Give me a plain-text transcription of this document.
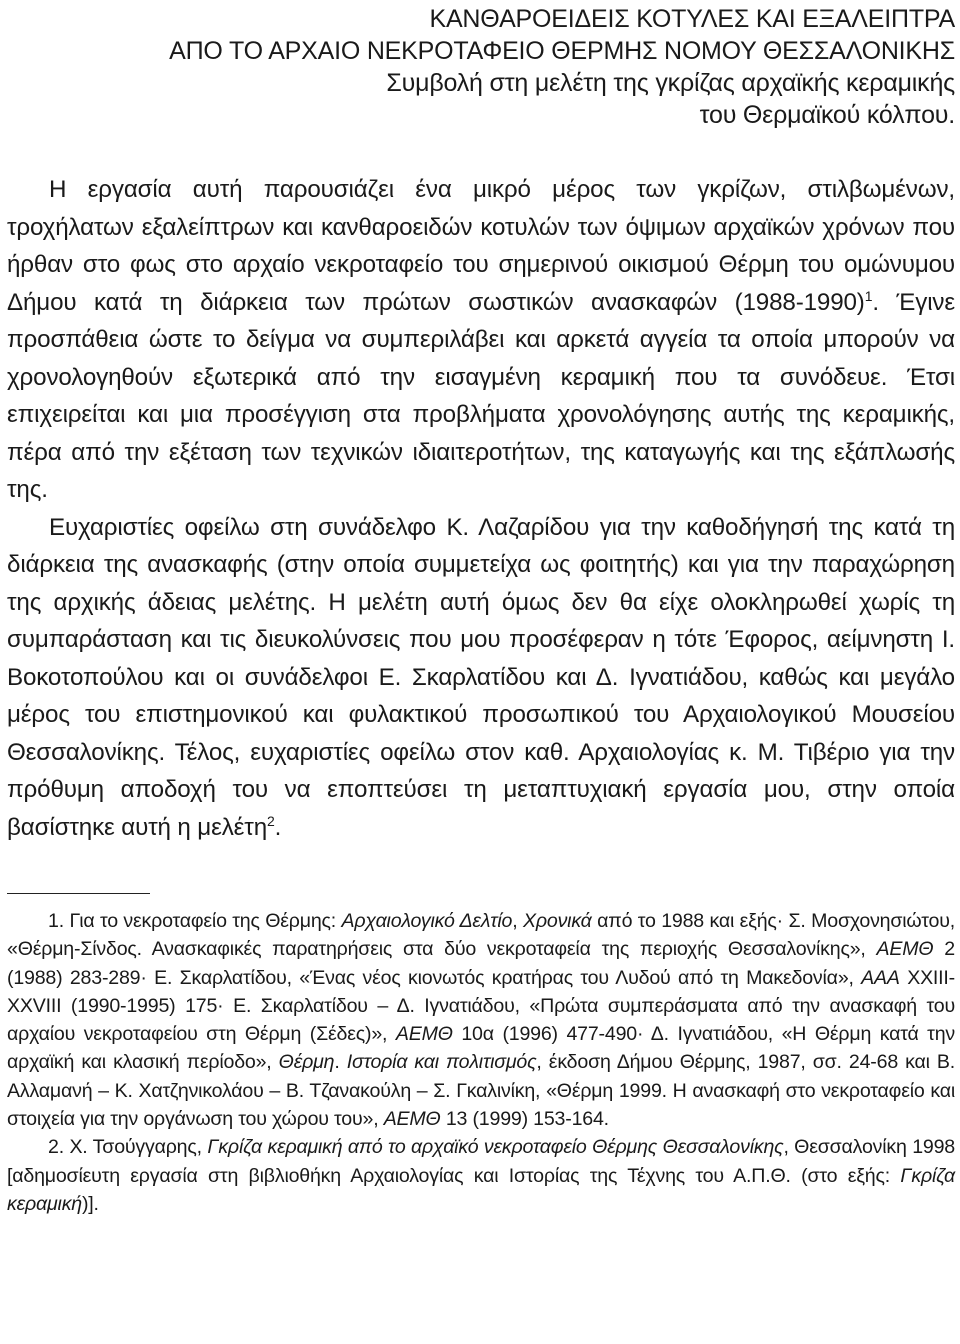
ΚΑΝΘΑΡΟΕΙΔΕΙΣ ΚΟΤΥΛΕΣ ΚΑΙ ΕΞΑΛΕΙΠΤΡΑ
ΑΠΟ ΤΟ ΑΡΧΑΙΟ ΝΕΚΡΟΤΑΦΕΙΟ ΘΕΡΜΗΣ ΝΟΜΟΥ ΘΕΣΣΑΛΟΝΙΚΗΣ
Συμβολή στη μελέτη της γκρίζας αρχαϊκής κεραμικής
του Θερμαϊκού κόλπου.

Η εργασία αυτή παρουσιάζει ένα μικρό μέρος των γκρίζων, στιλβωμένων, τροχήλατων εξαλείπτρων και κανθαροειδών κοτυλών των όψιμων αρχαϊκών χρόνων που ήρθαν στο φως στο αρχαίο νεκροταφείο του σημερινού οικισμού Θέρμη του ομώνυμου Δήμου κατά τη διάρκεια των πρώτων σωστικών ανασκαφών (1988-1990)$^1$. Έγινε προσπάθεια ώστε το δείγμα να συμπεριλάβει και αρκετά αγγεία τα οποία μπορούν να χρονολογηθούν εξωτερικά από την εισαγμένη κεραμική που τα συνόδευε. Έτσι επιχειρείται και μια προσέγγιση στα προβλήματα χρονολόγησης αυτής της κεραμικής, πέρα από την εξέταση των τεχνικών ιδιαιτεροτήτων, της καταγωγής και της εξάπλωσής της.

Ευχαριστίες οφείλω στη συνάδελφο Κ. Λαζαρίδου για την καθοδήγησή της κατά τη διάρκεια της ανασκαφής (στην οποία συμμετείχα ως φοιτητής) και για την παραχώρηση της αρχικής άδειας μελέτης. Η μελέτη αυτή όμως δεν θα είχε ολοκληρωθεί χωρίς τη συμπαράσταση και τις διευκολύνσεις που μου προσέφεραν η τότε Έφορος, αείμνηστη Ι. Βοκοτοπούλου και οι συνάδελφοι Ε. Σκαρλατίδου και Δ. Ιγνατιάδου, καθώς και μεγάλο μέρος του επιστημονικού και φυλακτικού προσωπικού του Αρχαιολογικού Μουσείου Θεσσαλονίκης. Τέλος, ευχαριστίες οφείλω στον καθ. Αρχαιολογίας κ. Μ. Τιβέριο για την πρόθυμη αποδοχή του να εποπτεύσει τη μεταπτυχιακή εργασία μου, στην οποία βασίστηκε αυτή η μελέτη$^2$.

1. Για το νεκροταφείο της Θέρμης: Αρχαιολογικό Δελτίο, Χρονικά από το 1988 και εξής· Σ. Μοσχονησιώτου, «Θέρμη-Σίνδος. Ανασκαφικές παρατηρήσεις στα δύο νεκροταφεία της περιοχής Θεσσαλονίκης», ΑΕΜΘ 2 (1988) 283-289· Ε. Σκαρλατίδου, «Ένας νέος κιονωτός κρατήρας του Λυδού από τη Μακεδονία», ΑΑΑ XXIII-XXVIII (1990-1995) 175· Ε. Σκαρλατίδου – Δ. Ιγνατιάδου, «Πρώτα συμπεράσματα από την ανασκαφή του αρχαίου νεκροταφείου στη Θέρμη (Σέδες)», ΑΕΜΘ 10α (1996) 477-490· Δ. Ιγνατιάδου, «Η Θέρμη κατά την αρχαϊκή και κλασική περίοδο», Θέρμη. Ιστορία και πολιτισμός, έκδοση Δήμου Θέρμης, 1987, σσ. 24-68 και Β. Αλλαμανή – Κ. Χατζηνικολάου – Β. Τζανακούλη – Σ. Γκαλινίκη, «Θέρμη 1999. Η ανασκαφή στο νεκροταφείο και στοιχεία για την οργάνωση του χώρου του», ΑΕΜΘ 13 (1999) 153-164.

2. Χ. Τσούγγαρης, Γκρίζα κεραμική από το αρχαϊκό νεκροταφείο Θέρμης Θεσσαλονίκης, Θεσσαλονίκη 1998 [αδημοσίευτη εργασία στη βιβλιοθήκη Αρχαιολογίας και Ιστορίας της Τέχνης του Α.Π.Θ. (στο εξής: Γκρίζα κεραμική)].
